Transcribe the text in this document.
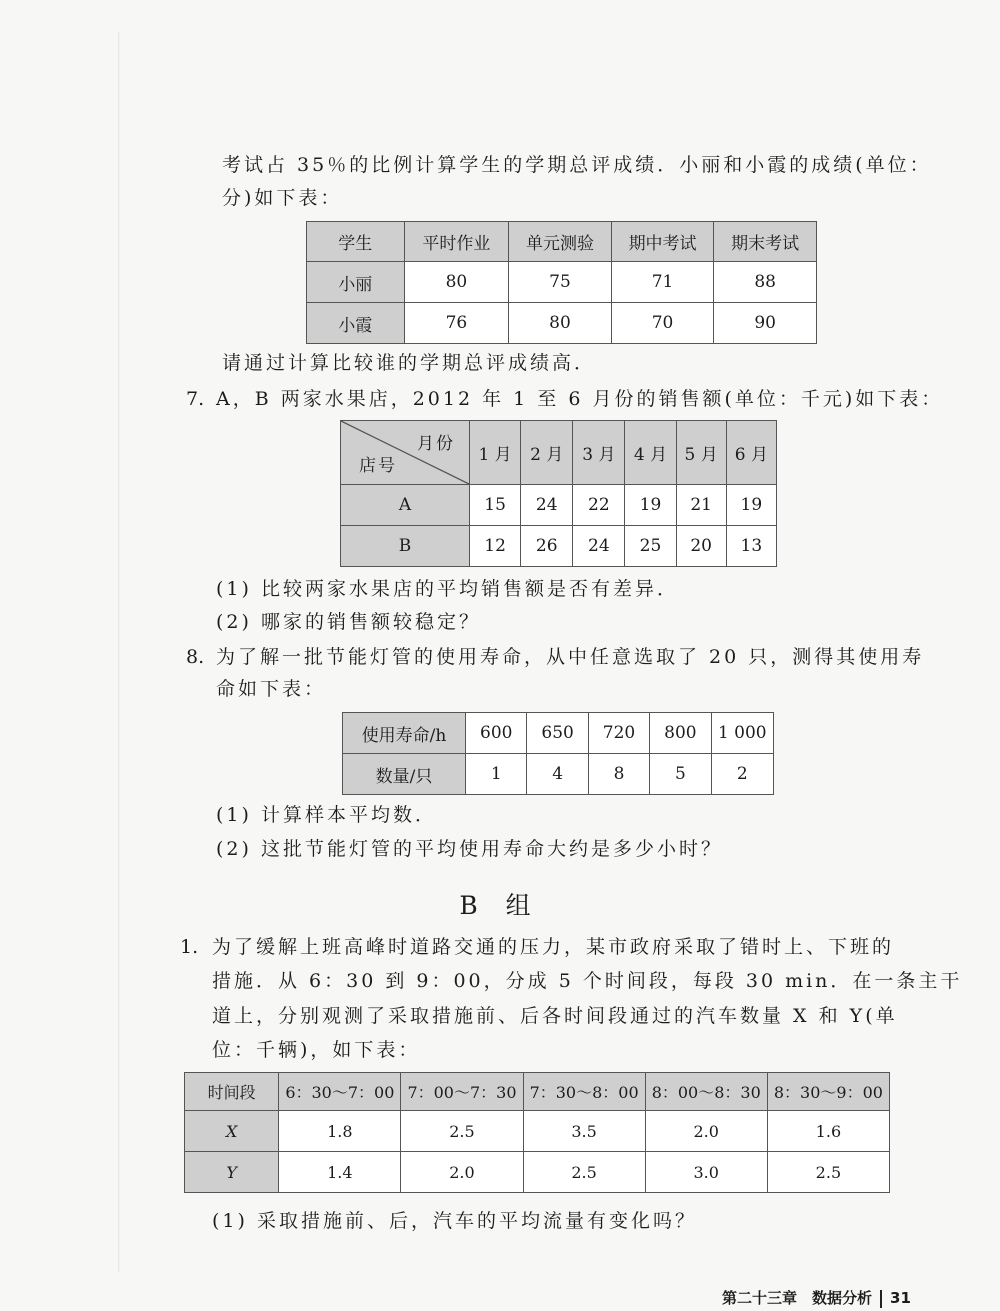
考试占 35％的比例计算学生的学期总评成绩．小丽和小霞的成绩(单位：
分)如下表：
学生	平时作业	单元测验	期中考试	期末考试
小丽	80	75	71	88
小霞	76	80	70	90
请通过计算比较谁的学期总评成绩高．
7. A，B 两家水果店，2012 年 1 至 6 月份的销售额(单位：千元)如下表：
月份
店号	1 月	2 月	3 月	4 月	5 月	6 月
A	15	24	22	19	21	19
B	12	26	24	25	20	13
(1) 比较两家水果店的平均销售额是否有差异．
(2) 哪家的销售额较稳定？
8. 为了解一批节能灯管的使用寿命，从中任意选取了 20 只，测得其使用寿
命如下表：
使用寿命/h	600	650	720	800	1 000
数量/只	1	4	8	5	2
(1) 计算样本平均数．
(2) 这批节能灯管的平均使用寿命大约是多少小时？
B 组
1. 为了缓解上班高峰时道路交通的压力，某市政府采取了错时上、下班的
措施．从 6：30 到 9：00，分成 5 个时间段，每段 30 min．在一条主干
道上，分别观测了采取措施前、后各时间段通过的汽车数量 X 和 Y(单
位：千辆)，如下表：
时间段	6：30～7：00	7：00～7：30	7：30～8：00	8：00～8：30	8：30～9：00
X	1.8	2.5	3.5	2.0	1.6
Y	1.4	2.0	2.5	3.0	2.5
(1) 采取措施前、后，汽车的平均流量有变化吗？
第二十三章　数据分析 31
